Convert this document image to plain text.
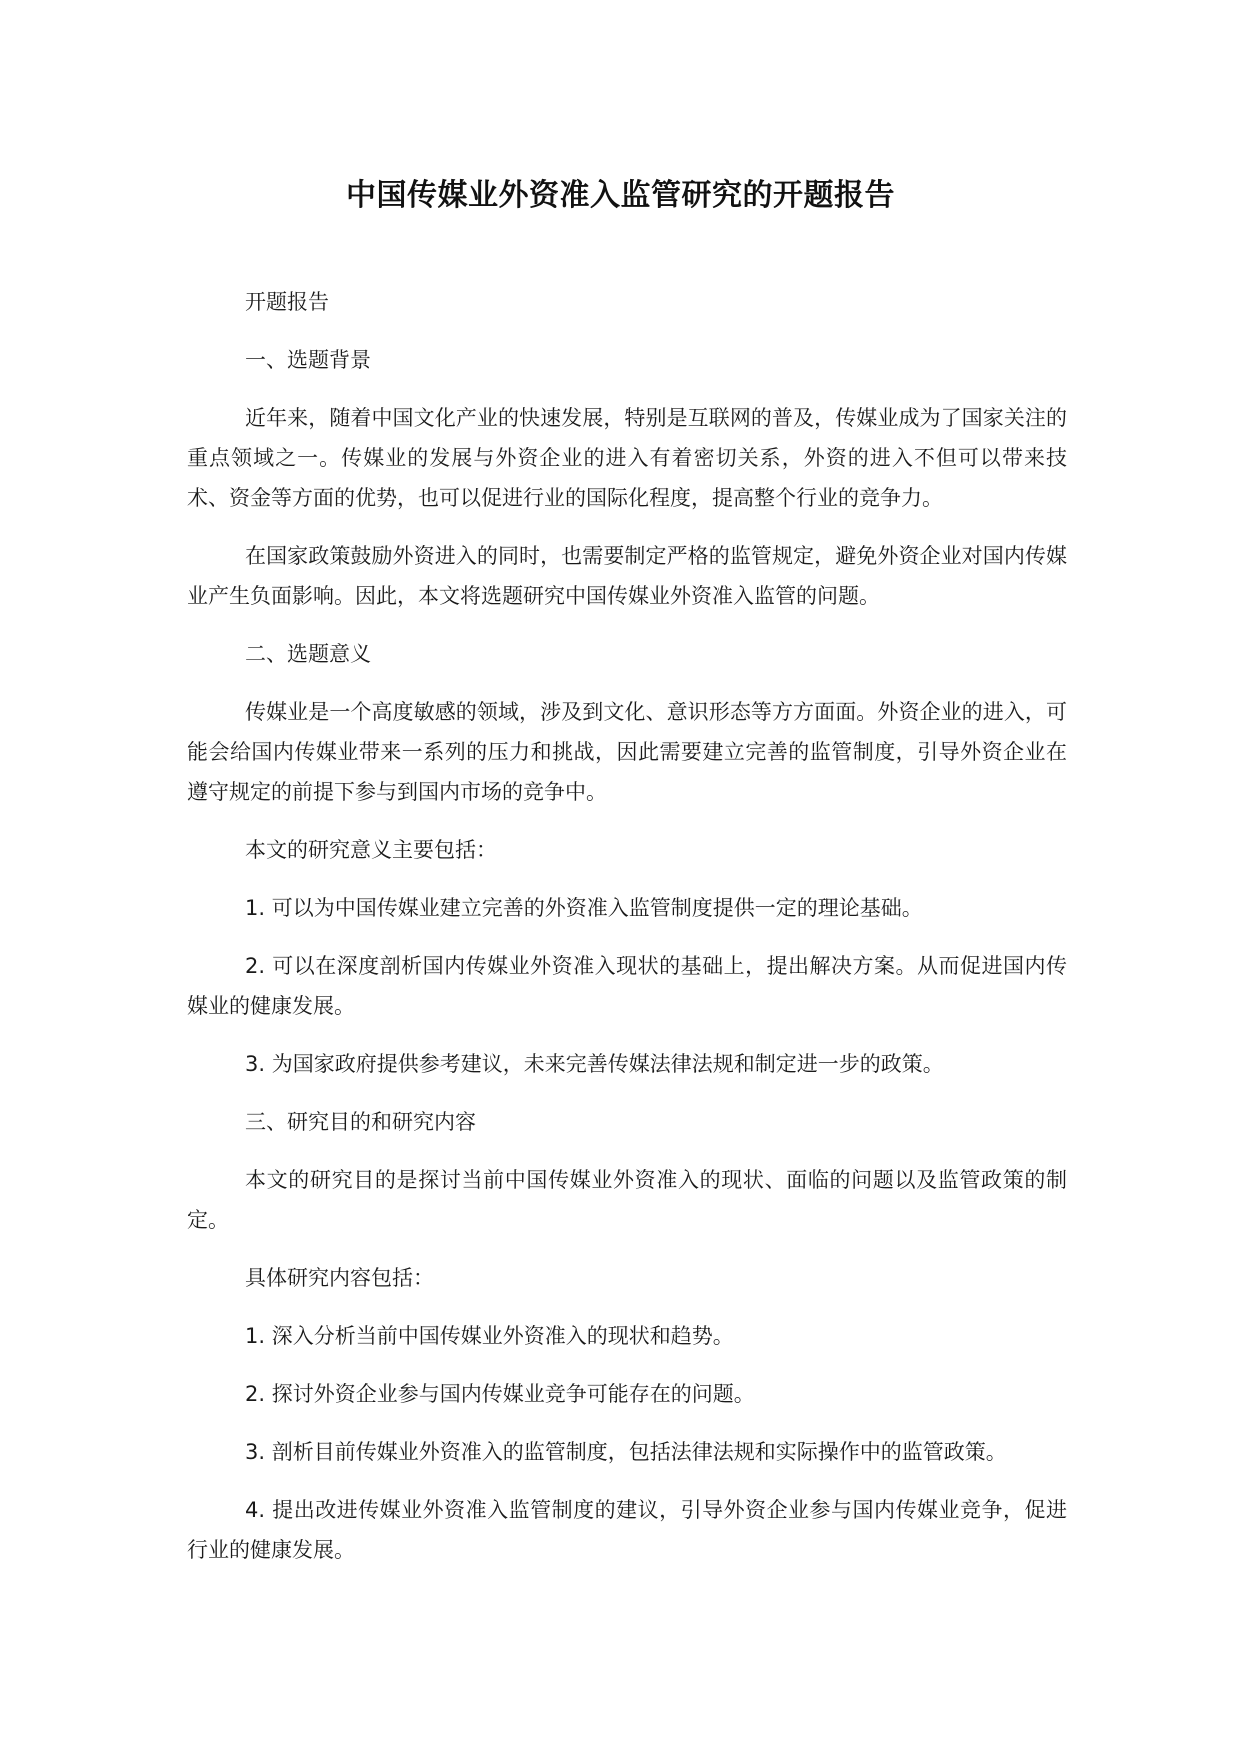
中国传媒业外资准入监管研究的开题报告

开题报告

一、选题背景

近年来，随着中国文化产业的快速发展，特别是互联网的普及，传媒业成为了国家关注的重点领域之一。传媒业的发展与外资企业的进入有着密切关系，外资的进入不但可以带来技术、资金等方面的优势，也可以促进行业的国际化程度，提高整个行业的竞争力。

在国家政策鼓励外资进入的同时，也需要制定严格的监管规定，避免外资企业对国内传媒业产生负面影响。因此，本文将选题研究中国传媒业外资准入监管的问题。

二、选题意义

传媒业是一个高度敏感的领域，涉及到文化、意识形态等方方面面。外资企业的进入，可能会给国内传媒业带来一系列的压力和挑战，因此需要建立完善的监管制度，引导外资企业在遵守规定的前提下参与到国内市场的竞争中。

本文的研究意义主要包括：

1. 可以为中国传媒业建立完善的外资准入监管制度提供一定的理论基础。

2. 可以在深度剖析国内传媒业外资准入现状的基础上，提出解决方案。从而促进国内传媒业的健康发展。

3. 为国家政府提供参考建议，未来完善传媒法律法规和制定进一步的政策。

三、研究目的和研究内容

本文的研究目的是探讨当前中国传媒业外资准入的现状、面临的问题以及监管政策的制定。

具体研究内容包括：

1. 深入分析当前中国传媒业外资准入的现状和趋势。

2. 探讨外资企业参与国内传媒业竞争可能存在的问题。

3. 剖析目前传媒业外资准入的监管制度，包括法律法规和实际操作中的监管政策。

4. 提出改进传媒业外资准入监管制度的建议，引导外资企业参与国内传媒业竞争，促进行业的健康发展。
